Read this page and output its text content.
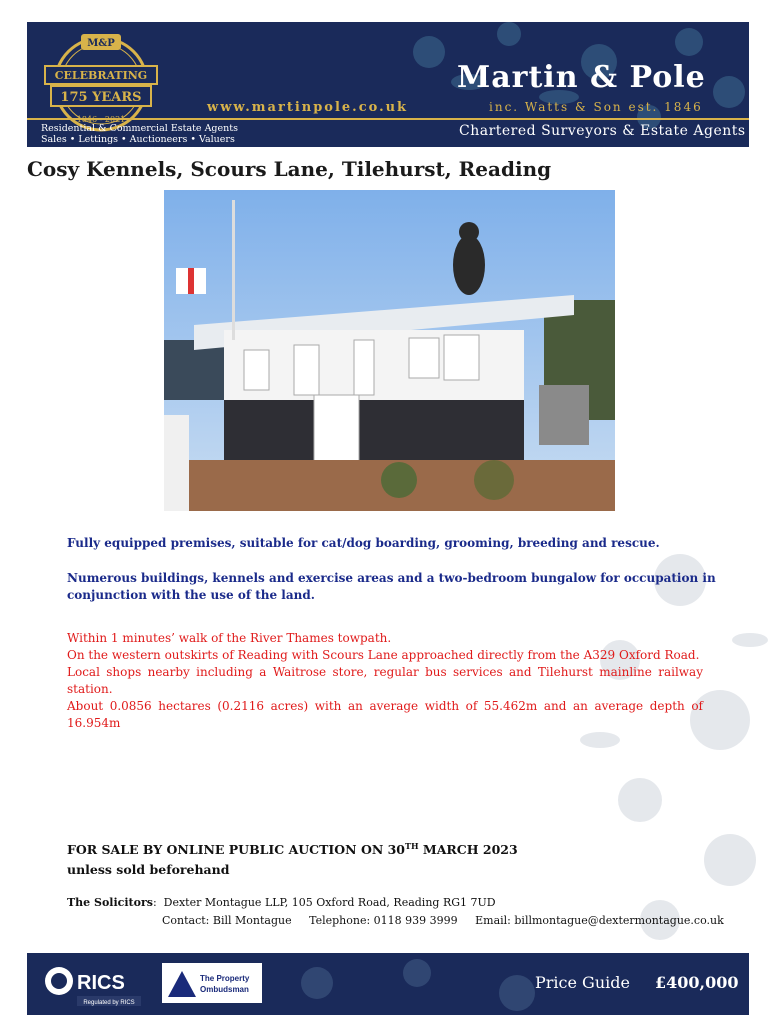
M&P
CELEBRATING
175 YEARS
www.martinpole.co.uk
Martin & Pole
inc. Watts & Son est. 1846
Residential & Commercial Estate Agents
Sales • Lettings • Auctioneers • Valuers
Chartered Surveyors & Estate Agents
Cosy Kennels, Scours Lane, Tilehurst, Reading

Fully equipped premises, suitable for cat/dog boarding, grooming, breeding and rescue.

Numerous buildings, kennels and exercise areas and a two-bedroom bungalow for occupation in conjunction with the use of the land.

Within 1 minutes’ walk of the River Thames towpath.
On the western outskirts of Reading with Scours Lane approached directly from the A329 Oxford Road.
Local shops nearby including a Waitrose store, regular bus services and Tilehurst mainline railway station.
About 0.0856 hectares (0.2116 acres) with an average width of 55.462m and an average depth of 16.954m
FOR SALE BY ONLINE PUBLIC AUCTION ON 30TH MARCH 2023
unless sold beforehand
The Solicitors:  Dexter Montague LLP, 105 Oxford Road, Reading RG1 7UD
Contact: Bill Montague Telephone: 0118 939 3999 Email: billmontague@dextermontague.co.uk
RICS
Regulated by RICS
The Property
Ombudsman	Price Guide £400,000
